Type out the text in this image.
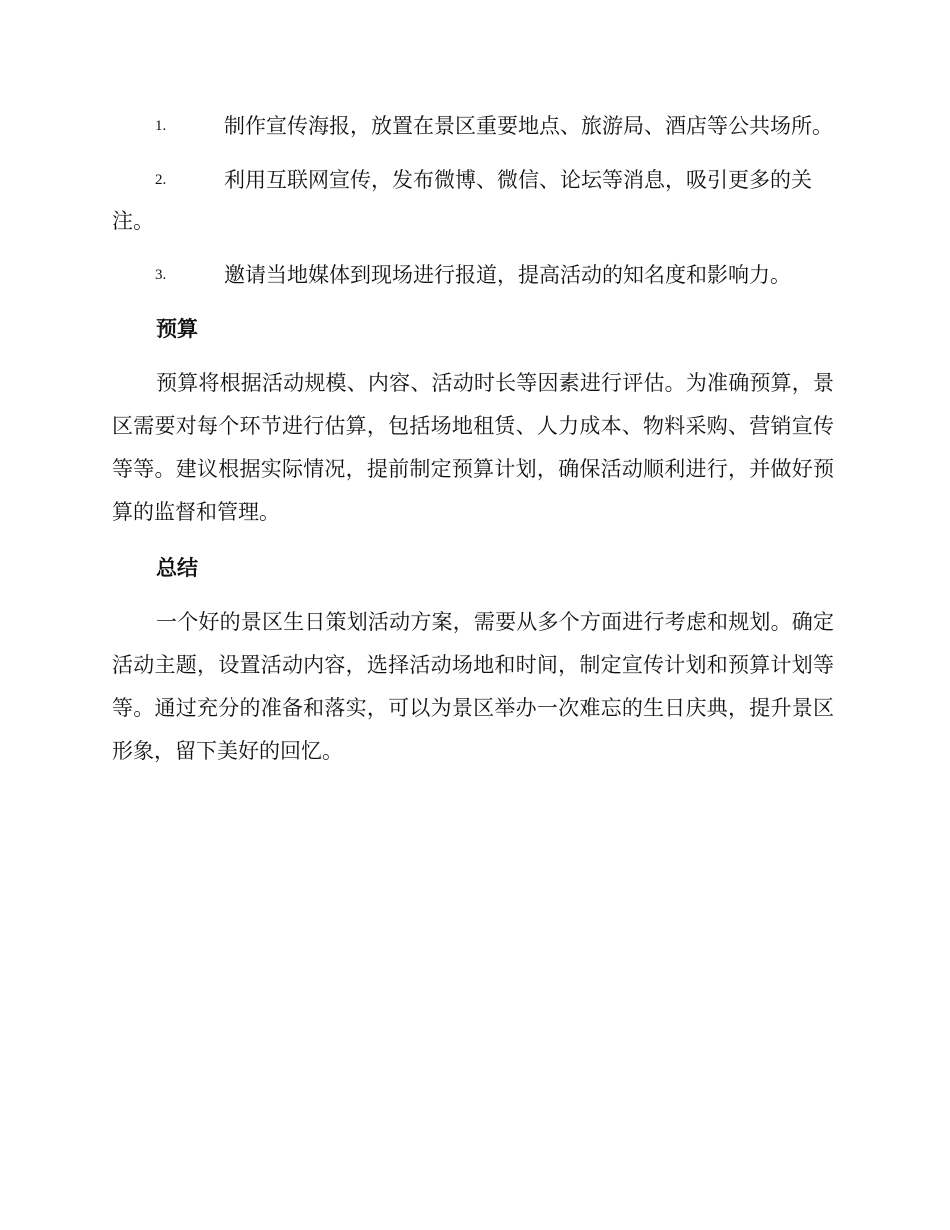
1.	制作宣传海报，放置在景区重要地点、旅游局、酒店等公共场所。
2.	利用互联网宣传，发布微博、微信、论坛等消息，吸引更多的关注。
3.	邀请当地媒体到现场进行报道，提高活动的知名度和影响力。
预算

预算将根据活动规模、内容、活动时长等因素进行评估。为准确预算，景区需要对每个环节进行估算，包括场地租赁、人力成本、物料采购、营销宣传等等。建议根据实际情况，提前制定预算计划，确保活动顺利进行，并做好预算的监督和管理。

总结

一个好的景区生日策划活动方案，需要从多个方面进行考虑和规划。确定活动主题，设置活动内容，选择活动场地和时间，制定宣传计划和预算计划等等。通过充分的准备和落实，可以为景区举办一次难忘的生日庆典，提升景区形象，留下美好的回忆。
